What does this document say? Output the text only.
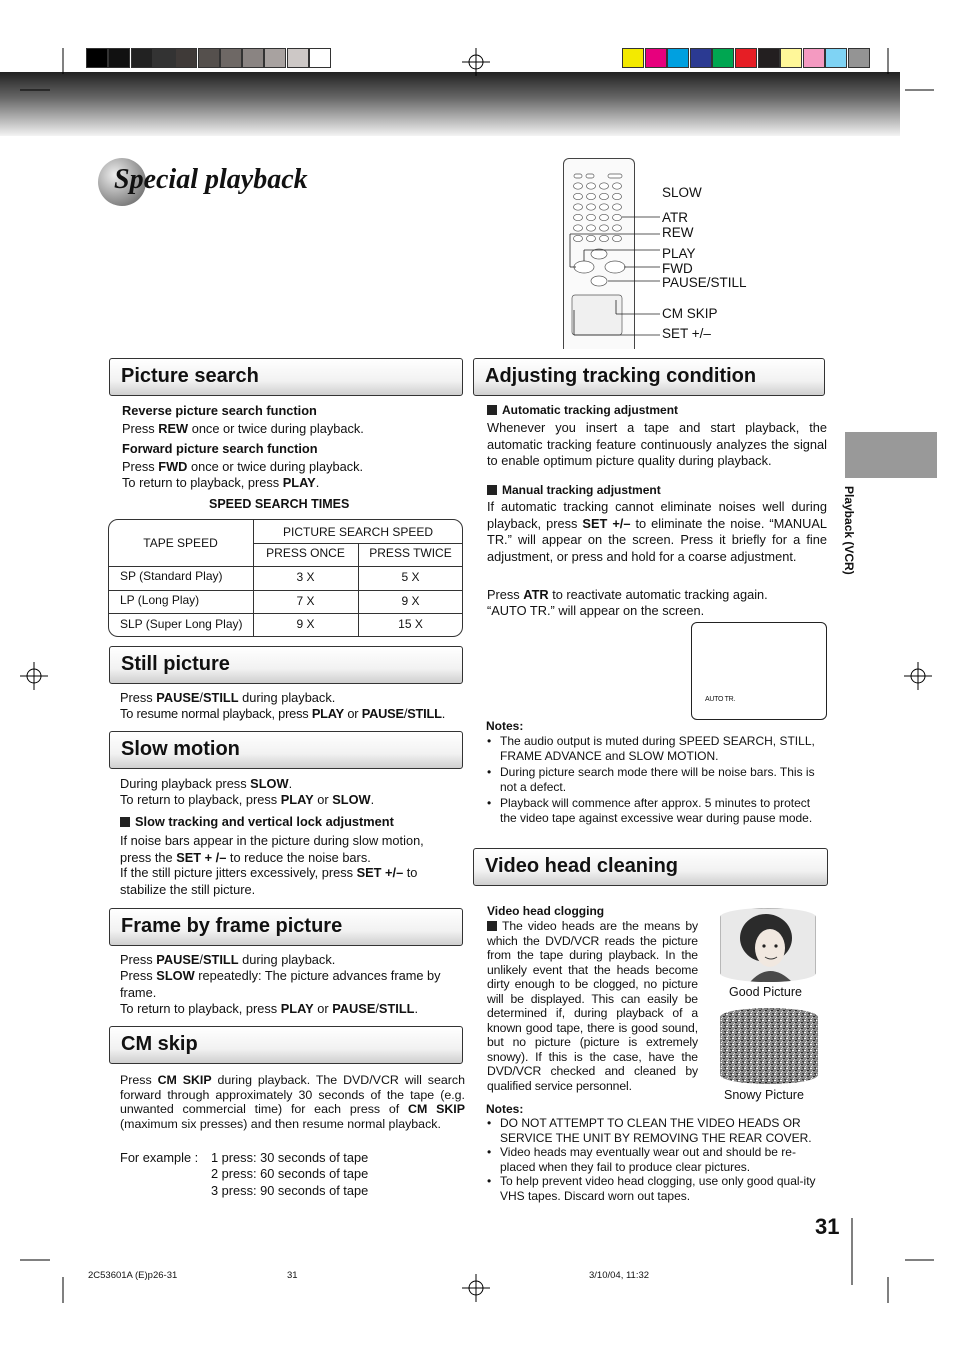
Special playback	SLOW
ATR
REW
PLAY
FWD
PAUSE/STILL
CM SKIP
SET +/–
Playback (VCR)
Picture search
Reverse picture search function
Press REW once or twice during playback.
Forward picture search function
Press FWD once or twice during playback.
To return to playback, press PLAY.
SPEED SEARCH TIMES
TAPE SPEED
PICTURE SEARCH SPEED
PRESS ONCE	PRESS TWICE
SP (Standard Play)	3 X	5 X
LP (Long Play)	7 X	9 X
SLP (Super Long Play)	9 X	15 X
Still picture
Press PAUSE/STILL during playback.
To resume normal playback, press PLAY or PAUSE/STILL.
Slow motion
During playback press SLOW.
To return to playback, press PLAY or SLOW.
Slow tracking and vertical lock adjustment
If noise bars appear in the picture during slow motion, press the SET + /– to reduce the noise bars.
If the still picture jitters excessively, press SET +/– to stabilize the still picture.
Frame by frame picture
Press PAUSE/STILL during playback.
Press SLOW repeatedly: The picture advances frame by frame.
To return to playback, press PLAY or PAUSE/STILL.
CM skip
Press CM SKIP during playback. The DVD/VCR will search forward through approximately 30 seconds of the tape (e.g. unwanted commercial time) for each press of CM SKIP (maximum six presses) and then resume normal playback.
For example : 1 press: 30 seconds of tape
2 press: 60 seconds of tape
3 press: 90 seconds of tape
Adjusting tracking condition
Automatic tracking adjustment
Whenever you insert a tape and start playback, the automatic tracking feature continuously analyzes the signal to enable optimum picture quality during playback.
Manual tracking adjustment
If automatic tracking cannot eliminate noises well during playback, press SET +/– to eliminate the noise. “MANUAL TR.” will appear on the screen. Press it briefly for a fine adjustment, or press and hold for a coarse adjustment.
Press ATR to reactivate automatic tracking again.
“AUTO TR.” will appear on the screen.
AUTO TR.
Notes:
• The audio output is muted during SPEED SEARCH, STILL, FRAME ADVANCE and SLOW MOTION.
• During picture search mode there will be noise bars. This is not a defect.
• Playback will commence after approx. 5 minutes to protect the video tape against excessive wear during pause mode.
Video head cleaning
Video head clogging
The video heads are the means by which the DVD/VCR reads the picture from the tape during playback. In the unlikely event that the heads become dirty enough to be clogged, no picture will be displayed. This can easily be determined if, during playback of a known good tape, there is good sound, but no picture (picture is extremely snowy). If this is the case, have the DVD/VCR checked and cleaned by qualified service personnel.
Good Picture
Snowy Picture
Notes:
• DO NOT ATTEMPT TO CLEAN THE VIDEO HEADS OR SERVICE THE UNIT BY REMOVING THE REAR COVER.
• Video heads may eventually wear out and should be re-placed when they fail to produce clear pictures.
• To help prevent video head clogging, use only good qual-ity VHS tapes. Discard worn out tapes.
31
2C53601A (E)p26-31	31	3/10/04, 11:32
